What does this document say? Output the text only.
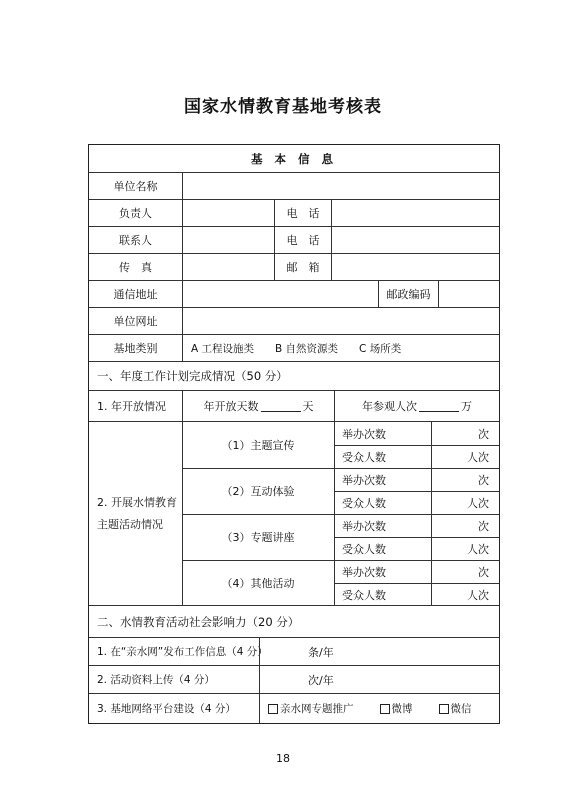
国家水情教育基地考核表
基 本 信 息
单位名称
负责人	电　话
联系人	电　话
传　真	邮　箱
通信地址	邮政编码
单位网址
基地类别	A 工程设施类　　B 自然资源类　　C 场所类
一、年度工作计划完成情况（50 分）
1. 年开放情况	年开放天数	天	年参观人次	万
2. 开展水情教育
主题活动情况
（1）主题宣传
举办次数	次
受众人数	人次
（2）互动体验
举办次数	次
受众人数	人次
（3）专题讲座
举办次数	次
受众人数	人次
（4）其他活动
举办次数	次
受众人数	人次
二、水情教育活动社会影响力（20 分）
1. 在“亲水网”发布工作信息（4 分）	条/年
2. 活动资料上传（4 分）	次/年
3. 基地网络平台建设（4 分）	亲水网专题推广	微博	微信
18
